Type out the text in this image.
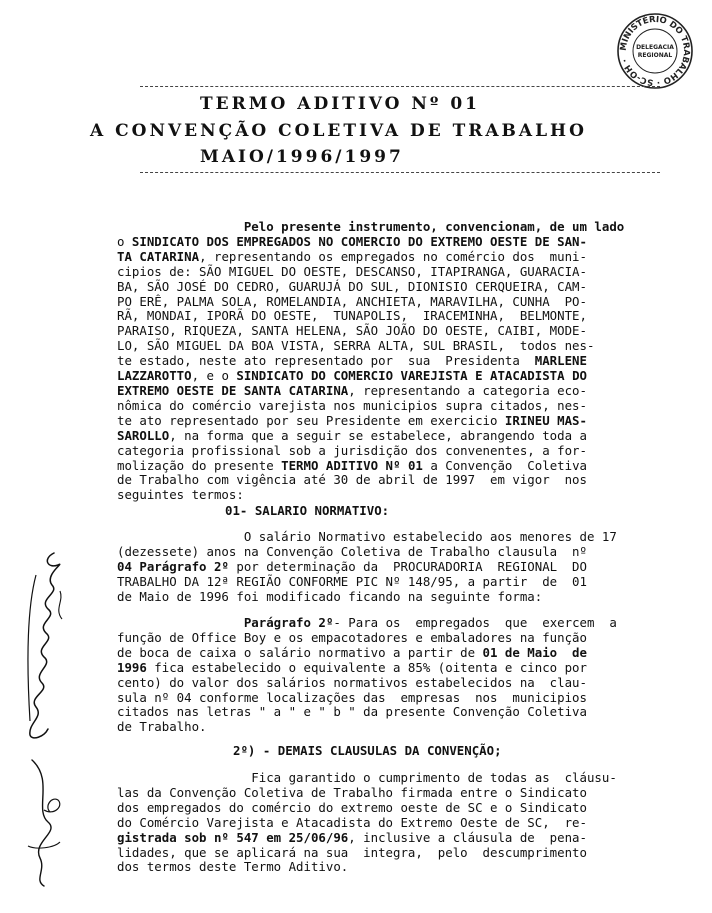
MINISTÉRIO DO TRABALHO · SC-OH ·
DELEGACIA
REGIONAL
TERMO ADITIVO Nº 01
A CONVENÇÃO COLETIVA DE TRABALHO
MAIO/1996/1997
Pelo presente instrumento, convencionam, de um lado
o SINDICATO DOS EMPREGADOS NO COMERCIO DO EXTREMO OESTE DE SAN-
TA CATARINA, representando os empregados no comércio dos  muni-
cipios de: SÃO MIGUEL DO OESTE, DESCANSO, ITAPIRANGA, GUARACIA-
BA, SÃO JOSÉ DO CEDRO, GUARUJÁ DO SUL, DIONISIO CERQUEIRA, CAM-
PO ERÊ, PALMA SOLA, ROMELANDIA, ANCHIETA, MARAVILHA, CUNHA  PO-
RÃ, MONDAI, IPORÃ DO OESTE,  TUNAPOLIS,  IRACEMINHA,  BELMONTE,
PARAISO, RIQUEZA, SANTA HELENA, SÃO JOÃO DO OESTE, CAIBI, MODE-
LO, SÃO MIGUEL DA BOA VISTA, SERRA ALTA, SUL BRASIL,  todos nes-
te estado, neste ato representado por  sua  Presidenta  MARLENE
LAZZAROTTO, e o SINDICATO DO COMERCIO VAREJISTA E ATACADISTA DO
EXTREMO OESTE DE SANTA CATARINA, representando a categoria eco-
nômica do comércio varejista nos municipios supra citados, nes-
te ato representado por seu Presidente em exercicio IRINEU MAS-
SAROLLO, na forma que a seguir se estabelece, abrangendo toda a
categoria profissional sob a jurisdição dos convenentes, a for-
molização do presente TERMO ADITIVO Nº 01 a Convenção  Coletiva
de Trabalho com vigência até 30 de abril de 1997  em vigor  nos
seguintes termos:
01- SALARIO NORMATIVO:
O salário Normativo estabelecido aos menores de 17
(dezessete) anos na Convenção Coletiva de Trabalho clausula  nº
04 Parágrafo 2º por determinação da  PROCURADORIA  REGIONAL  DO
TRABALHO DA 12ª REGIÃO CONFORME PIC Nº 148/95, a partir  de  01
de Maio de 1996 foi modificado ficando na seguinte forma:
Parágrafo 2º- Para os  empregados  que  exercem  a
função de Office Boy e os empacotadores e embaladores na função
de boca de caixa o salário normativo a partir de 01 de Maio  de
1996 fica estabelecido o equivalente a 85% (oitenta e cinco por
cento) do valor dos salários normativos estabelecidos na  clau-
sula nº 04 conforme localizações das  empresas  nos  municipios
citados nas letras " a " e " b " da presente Convenção Coletiva
de Trabalho.
2º) - DEMAIS CLAUSULAS DA CONVENÇÃO;
Fica garantido o cumprimento de todas as  cláusu-
las da Convenção Coletiva de Trabalho firmada entre o Sindicato
dos empregados do comércio do extremo oeste de SC e o Sindicato
do Comércio Varejista e Atacadista do Extremo Oeste de SC,  re-
gistrada sob nº 547 em 25/06/96, inclusive a cláusula de  pena-
lidades, que se aplicará na sua  integra,  pelo  descumprimento
dos termos deste Termo Aditivo.
